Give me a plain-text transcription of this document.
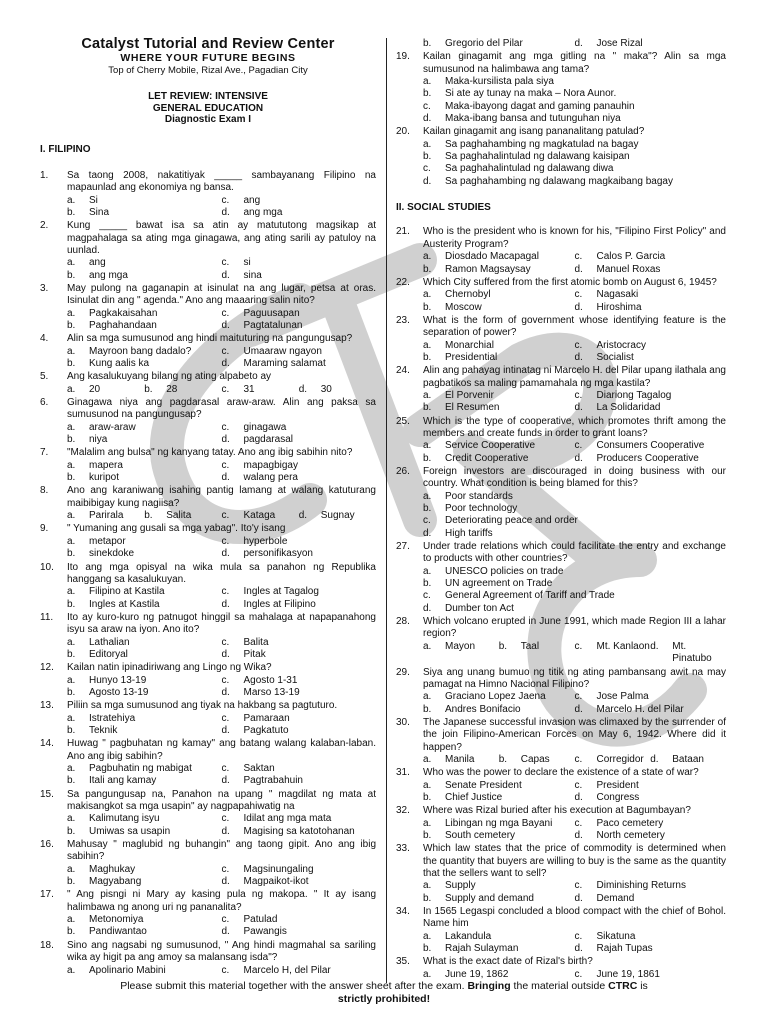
Catalyst Tutorial and Review Center
WHERE YOUR FUTURE BEGINS
Top of Cherry Mobile, Rizal Ave., Pagadian City
LET REVIEW: INTENSIVE
GENERAL EDUCATION
Diagnostic Exam I
I. FILIPINO
1.	Sa taong 2008, nakatitiyak _____ sambayanang Filipino na mapaunlad ang ekonomiya ng bansa.
a.	Si	c.	ang
b.	Sina	d.	ang mga
2.	Kung _____ bawat isa sa atin ay matututong magsikap at magpahalaga sa ating mga ginagawa, ang ating sarili ay patuloy na uunlad.
a.	ang	c.	si
b.	ang mga	d.	sina
3.	May pulong na gaganapin at isinulat na ang lugar, petsa at oras. Isinulat din ang " agenda." Ano ang maaaring salin nito?
a.	Pagkakaisahan	c.	Paguusapan
b.	Paghahandaan	d.	Pagtatalunan
4.	Alin sa mga sumusunod ang hindi maituturing na pangungusap?
a.	Mayroon bang dadalo?	c.	Umaaraw ngayon
b.	Kung aalis ka	d.	Maraming salamat
5.	Ang kasalukuyang bilang ng ating alpabeto ay
a.	20	b.	28	c.	31	d.	30
6.	Ginagawa niya ang pagdarasal araw-araw. Alin ang paksa sa sumusunod na pangungusap?
a.	araw-araw	c.	ginagawa
b.	niya	d.	pagdarasal
7.	"Malalim ang bulsa" ng kanyang tatay. Ano ang ibig sabihin nito?
a.	mapera	c.	mapagbigay
b.	kuripot	d.	walang pera
8.	Ano ang karaniwang isahing pantig lamang at walang katuturang maibibigay kung nagiisa?
a.	Parirala b.	Salita	c.	Kataga d.	Sugnay
9.	" Yumaning ang gusali sa mga yabag". Ito'y isang
a.	metapor	c.	hyperbole
b.	sinekdoke	d.	personifikasyon
10.	Ito ang mga opisyal na wika mula sa panahon ng Republika hanggang sa kasalukuyan.
a.	Filipino at Kastila	c.	Ingles at Tagalog
b.	Ingles at Kastila	d.	Ingles at Filipino
11.	Ito ay kuro-kuro ng patnugot hinggil sa mahalaga at napapanahong isyu sa araw na iyon. Ano ito?
a.	Lathalian	c.	Balita
b.	Editoryal	d.	Pitak
12.	Kailan natin ipinadiriwang ang Lingo ng Wika?
a.	Hunyo 13-19	c.	Agosto 1-31
b.	Agosto 13-19	d.	Marso 13-19
13.	Piliin sa mga sumusunod ang tiyak na hakbang sa pagtuturo.
a.	Istratehiya	c.	Pamaraan
b.	Teknik	d.	Pagkatuto
14.	Huwag " pagbuhatan ng kamay" ang batang walang kalaban-laban. Ano ang ibig sabihin?
a.	Pagbuhatin ng mabigat	c.	Saktan
b.	Itali ang kamay	d.	Pagtrabahuin
15.	Sa pangungusap na, Panahon na upang " magdilat ng mata at makisangkot sa mga usapin" ay nagpapahiwatig na
a.	Kalimutang isyu	c.	Idilat ang mga mata
b.	Umiwas sa usapin	d.	Magising sa katotohanan
16.	Mahusay " maglubid ng buhangin" ang taong gipit. Ano ang ibig sabihin?
a.	Maghukay	c.	Magsinungaling
b.	Magyabang	d.	Magpaikot-ikot
17.	" Ang pisngi ni Mary ay kasing pula ng makopa. " It ay isang halimbawa ng anong uri ng pananalita?
a.	Metonomiya	c.	Patulad
b.	Pandiwantao	d.	Pawangis
18.	Sino ang nagsabi ng sumusunod, " Ang hindi magmahal sa sariling wika ay higit pa ang amoy sa malansang isda"?
a.	Apolinario Mabini	c.	Marcelo H, del Pilar
b.	Gregorio del Pilar	d.	Jose Rizal
19.	Kailan ginagamit ang mga gitling na " maka"? Alin sa mga sumusunod na halimbawa ang tama?
a.	Maka-kursilista pala siya
b.	Si ate ay tunay na maka – Nora Aunor.
c.	Maka-ibayong dagat and gaming panauhin
d.	Maka-ibang bansa and tutunguhan niya
20.	Kailan ginagamit ang isang pananalitang patulad?
a.	Sa paghahambing ng magkatulad na bagay
b.	Sa paghahalintulad ng dalawang kaisipan
c.	Sa paghahalintulad ng dalawang diwa
d.	Sa paghahambing ng dalawang magkaibang bagay
II. SOCIAL STUDIES
21.	Who is the president who is known for his, "Filipino First Policy" and Austerity Program?
a.	Diosdado Macapagal	c.	Calos P. Garcia
b.	Ramon Magsaysay	d.	Manuel Roxas
22.	Which City suffered from the first atomic bomb on August 6, 1945?
a.	Chernobyl	c.	Nagasaki
b.	Moscow	d.	Hiroshima
23.	What is the form of government whose identifying feature is the separation of power?
a.	Monarchial	c.	Aristocracy
b.	Presidential	d.	Socialist
24.	Alin ang pahayag intinatag ni Marcelo H. del Pilar upang ilathala ang pagbatikos sa maling pamamahala ng mga kastila?
a.	El Porvenir	c.	Diariong Tagalog
b.	El Resumen	d.	La Solidaridad
25.	Which is the type of cooperative, which promotes thrift among the members and create funds in order to grant loans?
a.	Service Cooperative	c.	Consumers Cooperative
b.	Credit Cooperative	d.	Producers Cooperative
26.	Foreign investors are discouraged in doing business with our country. What condition is being blamed for this?
a.	Poor standards
b.	Poor technology
c.	Deteriorating peace and order
d.	High tariffs
27.	Under trade relations which could facilitate the entry and exchange to products with other countries?
a.	UNESCO policies on trade
b.	UN agreement on Trade
c.	General Agreement of Tariff and Trade
d.	Dumber ton Act
28.	Which volcano erupted in June 1991, which made Region III a lahar region?
a.	Mayon b.	Taal	c.	Mt. Kanlaon d.	Mt. Pinatubo
29.	Siya ang unang bumuo ng titik ng ating pambansang awit na may pamagat na Himno Nacional Filipino?
a.	Graciano Lopez Jaena	c.	Jose Palma
b.	Andres Bonifacio	d.	Marcelo H. del Pilar
30.	The Japanese successful invasion was climaxed by the surrender of the join Filipino-American Forces on May 6, 1942. Where did it happen?
a.	Manila b.	Capas c.	Corregidor d.	Bataan
31.	Who was the power to declare the existence of a state of war?
a.	Senate President	c.	President
b.	Chief Justice	d.	Congress
32.	Where was Rizal buried after his execution at Bagumbayan?
a.	Libingan ng mga Bayani c.	Paco cemetery
b.	South cemetery	d.	North cemetery
33.	Which law states that the price of commodity is determined when the quantity that buyers are willing to buy is the same as the quantity that the sellers want to sell?
a.	Supply	c.	Diminishing Returns
b.	Supply and demand	d.	Demand
34.	In 1565 Legaspi concluded a blood compact with the chief of Bohol. Name him
a.	Lakandula	c.	Sikatuna
b.	Rajah Sulayman	d.	Rajah Tupas
35.	What is the exact date of Rizal's birth?
a.	June 19, 1862	c.	June 19, 1861
Please submit this material together with the answer sheet after the exam. Bringing the material outside CTRC is
strictly prohibited!
